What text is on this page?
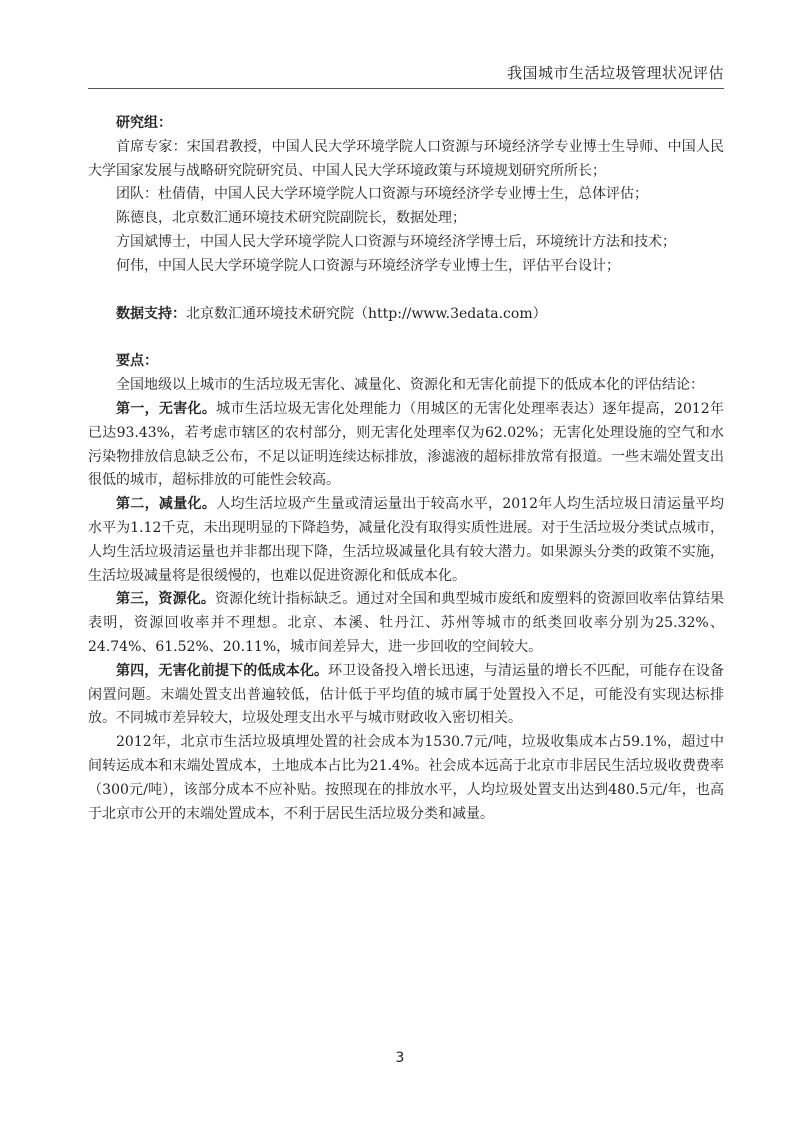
我国城市生活垃圾管理状况评估

研究组：

首席专家：宋国君教授，中国人民大学环境学院人口资源与环境经济学专业博士生导师、中国人民大学国家发展与战略研究院研究员、中国人民大学环境政策与环境规划研究所所长；

团队：杜倩倩，中国人民大学环境学院人口资源与环境经济学专业博士生，总体评估；

陈德良，北京数汇通环境技术研究院副院长，数据处理；

方国斌博士，中国人民大学环境学院人口资源与环境经济学博士后，环境统计方法和技术；

何伟，中国人民大学环境学院人口资源与环境经济学专业博士生，评估平台设计；

数据支持：北京数汇通环境技术研究院（http://www.3edata.com）

要点：

全国地级以上城市的生活垃圾无害化、减量化、资源化和无害化前提下的低成本化的评估结论：

第一，无害化。城市生活垃圾无害化处理能力（用城区的无害化处理率表达）逐年提高，2012年已达93.43%，若考虑市辖区的农村部分，则无害化处理率仅为62.02%；无害化处理设施的空气和水污染物排放信息缺乏公布，不足以证明连续达标排放，渗滤液的超标排放常有报道。一些末端处置支出很低的城市，超标排放的可能性会较高。

第二，减量化。人均生活垃圾产生量或清运量出于较高水平，2012年人均生活垃圾日清运量平均水平为1.12千克，未出现明显的下降趋势，减量化没有取得实质性进展。对于生活垃圾分类试点城市，人均生活垃圾清运量也并非都出现下降，生活垃圾减量化具有较大潜力。如果源头分类的政策不实施，生活垃圾减量将是很缓慢的，也难以促进资源化和低成本化。

第三，资源化。资源化统计指标缺乏。通过对全国和典型城市废纸和废塑料的资源回收率估算结果表明，资源回收率并不理想。北京、本溪、牡丹江、苏州等城市的纸类回收率分别为25.32%、24.74%、61.52%、20.11%，城市间差异大，进一步回收的空间较大。

第四，无害化前提下的低成本化。环卫设备投入增长迅速，与清运量的增长不匹配，可能存在设备闲置问题。末端处置支出普遍较低，估计低于平均值的城市属于处置投入不足，可能没有实现达标排放。不同城市差异较大，垃圾处理支出水平与城市财政收入密切相关。

2012年，北京市生活垃圾填埋处置的社会成本为1530.7元/吨，垃圾收集成本占59.1%，超过中间转运成本和末端处置成本，土地成本占比为21.4%。社会成本远高于北京市非居民生活垃圾收费费率（300元/吨），该部分成本不应补贴。按照现在的排放水平，人均垃圾处置支出达到480.5元/年，也高于北京市公开的末端处置成本，不利于居民生活垃圾分类和减量。

3
